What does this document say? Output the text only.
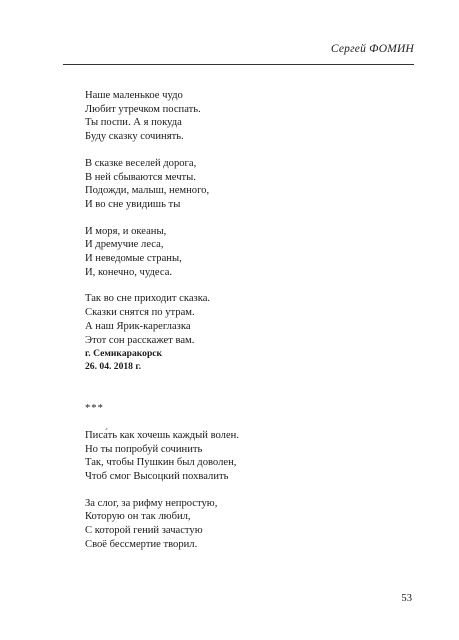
Сергей ФОМИН
Наше маленькое чудо
Любит утречком поспать.
Ты поспи. А я покуда
Буду сказку сочинять.
В сказке веселей дорога,
В ней сбываются мечты.
Подожди, малыш, немного,
И во сне увидишь ты
И моря, и океаны,
И дремучие леса,
И неведомые страны,
И, конечно, чудеса.
Так во сне приходит сказка.
Сказки снятся по утрам.
А наш Ярик-кареглазка
Этот сон расскажет вам.
г. Семикаракорск
26. 04. 2018 г.
***
Писа́ть как хочешь каждый волен.
Но ты попробуй сочинить
Так, чтобы Пушкин был доволен,
Чтоб смог Высоцкий похвалить
За слог, за рифму непростую,
Которую он так любил,
С которой гений зачастую
Своё бессмертие творил.
53
